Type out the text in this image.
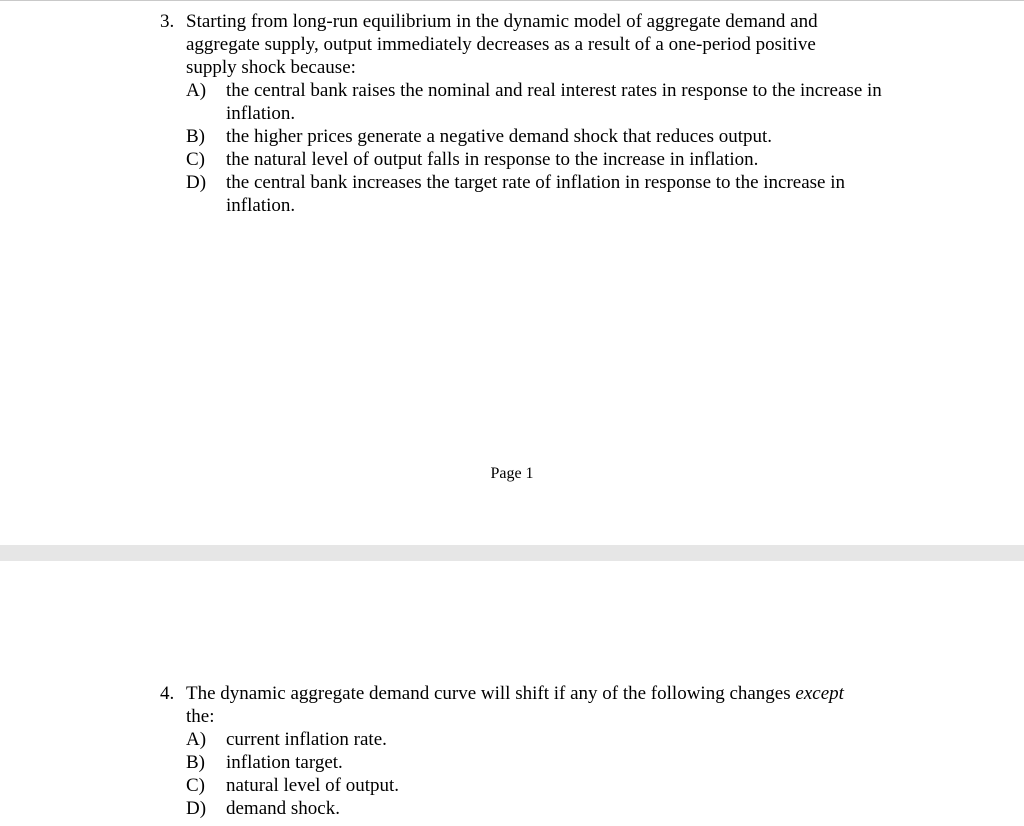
3. Starting from long-run equilibrium in the dynamic model of aggregate demand and aggregate supply, output immediately decreases as a result of a one-period positive supply shock because:
A) the central bank raises the nominal and real interest rates in response to the increase in inflation.
B) the higher prices generate a negative demand shock that reduces output.
C) the natural level of output falls in response to the increase in inflation.
D) the central bank increases the target rate of inflation in response to the increase in inflation.
Page 1
4. The dynamic aggregate demand curve will shift if any of the following changes except
the:
A) current inflation rate.
B) inflation target.
C) natural level of output.
D) demand shock.
